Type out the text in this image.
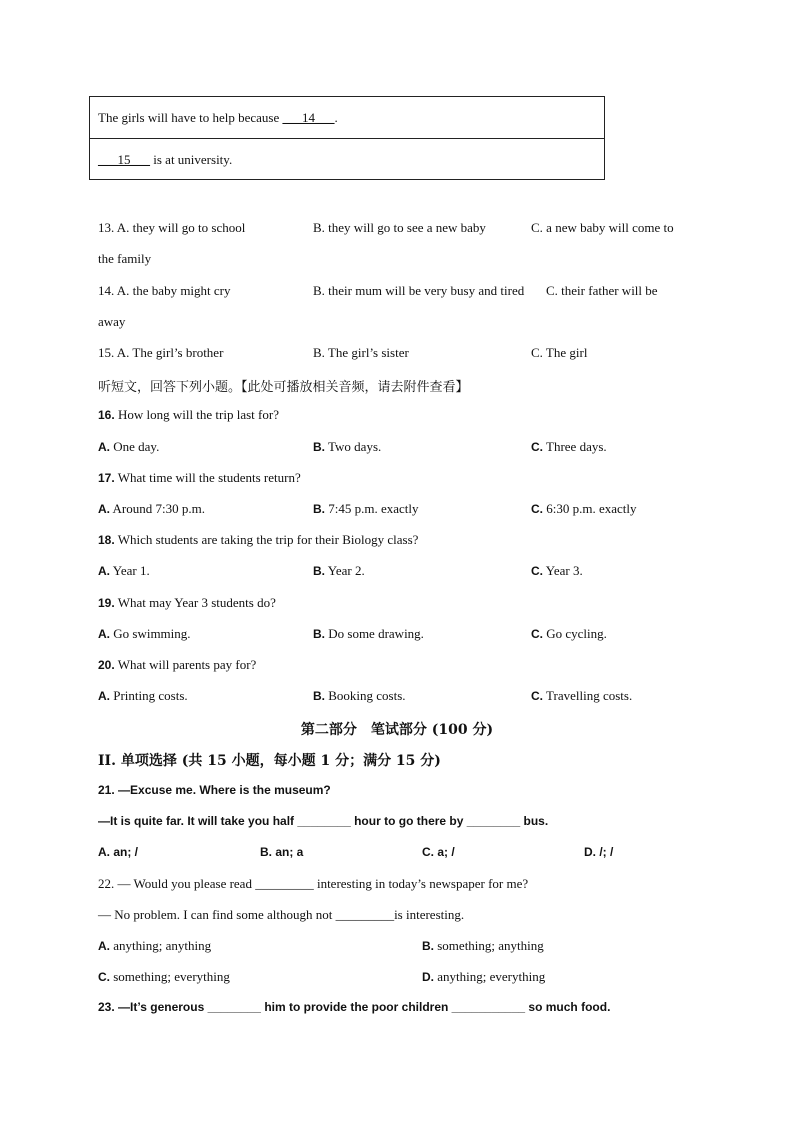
The girls will have to help because ___14___.
___15___ is at university.
13. A. they will go to school	B. they will go to see a new baby	C. a new baby will come to
the family
14. A. the baby might cry	B. their mum will be very busy and tired C. their father will be
away
15. A. The girl’s brother	B. The girl’s sister	C. The girl
听短文，回答下列小题。【此处可播放相关音频，请去附件查看】
16. How long will the trip last for?
A. One day.	B. Two days.	C. Three days.
17. What time will the students return?
A. Around 7:30 p.m.	B. 7:45 p.m. exactly	C. 6:30 p.m. exactly
18. Which students are taking the trip for their Biology class?
A. Year 1.	B. Year 2.	C. Year 3.
19. What may Year 3 students do?
A. Go swimming.	B. Do some drawing.	C. Go cycling.
20. What will parents pay for?
A. Printing costs.	B. Booking costs.	C. Travelling costs.
第二部分　笔试部分 (100 分)
II. 单项选择 (共 15 小题，每小题 1 分；满分 15 分)
21. —Excuse me. Where is the museum?
—It is quite far. It will take you half ________ hour to go there by ________ bus.
A. an; /	B. an; a	C. a; /	D. /; /
22. — Would you please read _________ interesting in today’s newspaper for me?
— No problem. I can find some although not _________is interesting.
A. anything; anything	B. something; anything
C. something; everything	D. anything; everything
23. —It’s generous ________ him to provide the poor children ___________ so much food.
